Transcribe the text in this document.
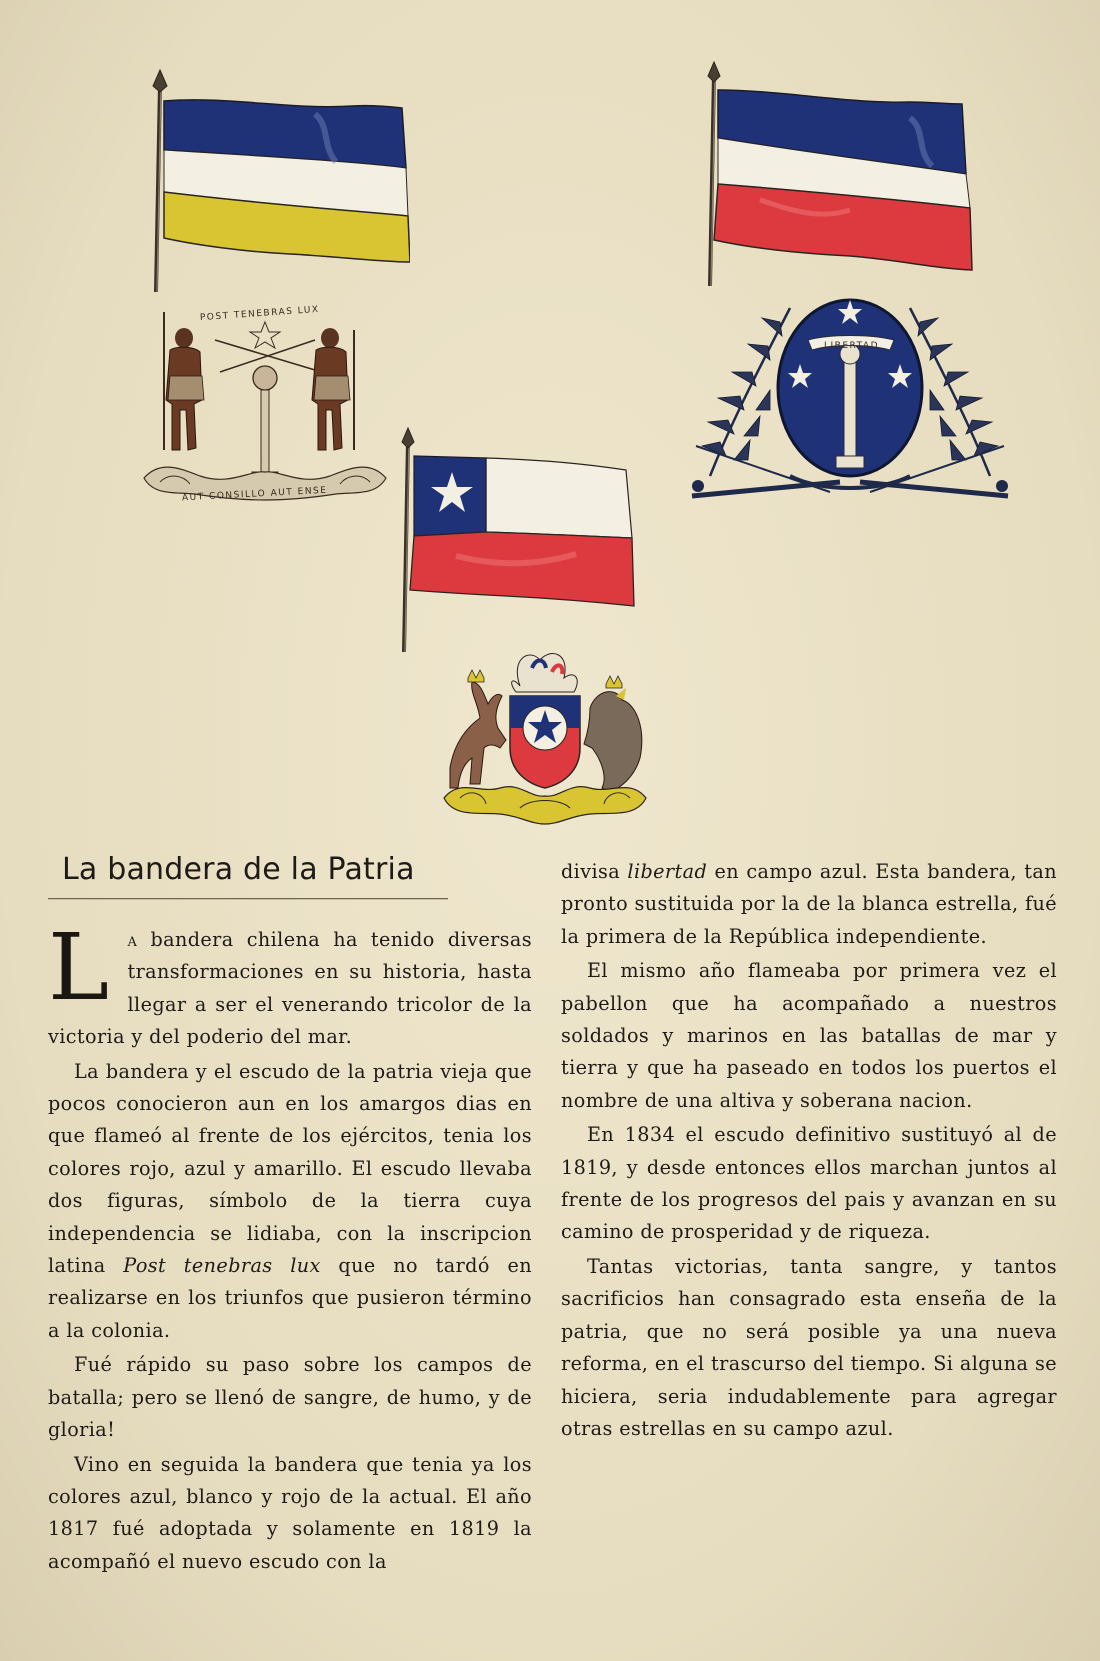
POST TENEBRAS LUX
AUT CONSILLO AUT ENSE
LIBERTAD
La bandera de la Patria

La bandera chilena ha tenido diversas transformaciones en su historia, hasta llegar a ser el venerando tricolor de la victoria y del poderio del mar.

La bandera y el escudo de la patria vieja que pocos conocieron aun en los amargos dias en que flameó al frente de los ejércitos, tenia los colores rojo, azul y amarillo. El escudo llevaba dos figuras, símbolo de la tierra cuya independencia se lidiaba, con la inscripcion latina Post tenebras lux que no tardó en realizarse en los triunfos que pusieron término a la colonia.

Fué rápido su paso sobre los campos de batalla; pero se llenó de sangre, de humo, y de gloria!

Vino en seguida la bandera que tenia ya los colores azul, blanco y rojo de la actual. El año 1817 fué adoptada y solamente en 1819 la acompañó el nuevo escudo con la

divisa libertad en campo azul. Esta bandera, tan pronto sustituida por la de la blanca estrella, fué la primera de la República independiente.

El mismo año flameaba por primera vez el pabellon que ha acompañado a nuestros soldados y marinos en las batallas de mar y tierra y que ha paseado en todos los puertos el nombre de una altiva y soberana nacion.

En 1834 el escudo definitivo sustituyó al de 1819, y desde entonces ellos marchan juntos al frente de los progresos del pais y avanzan en su camino de prosperidad y de riqueza.

Tantas victorias, tanta sangre, y tantos sacrificios han consagrado esta enseña de la patria, que no será posible ya una nueva reforma, en el trascurso del tiempo. Si alguna se hiciera, seria indudablemente para agregar otras estrellas en su campo azul.
